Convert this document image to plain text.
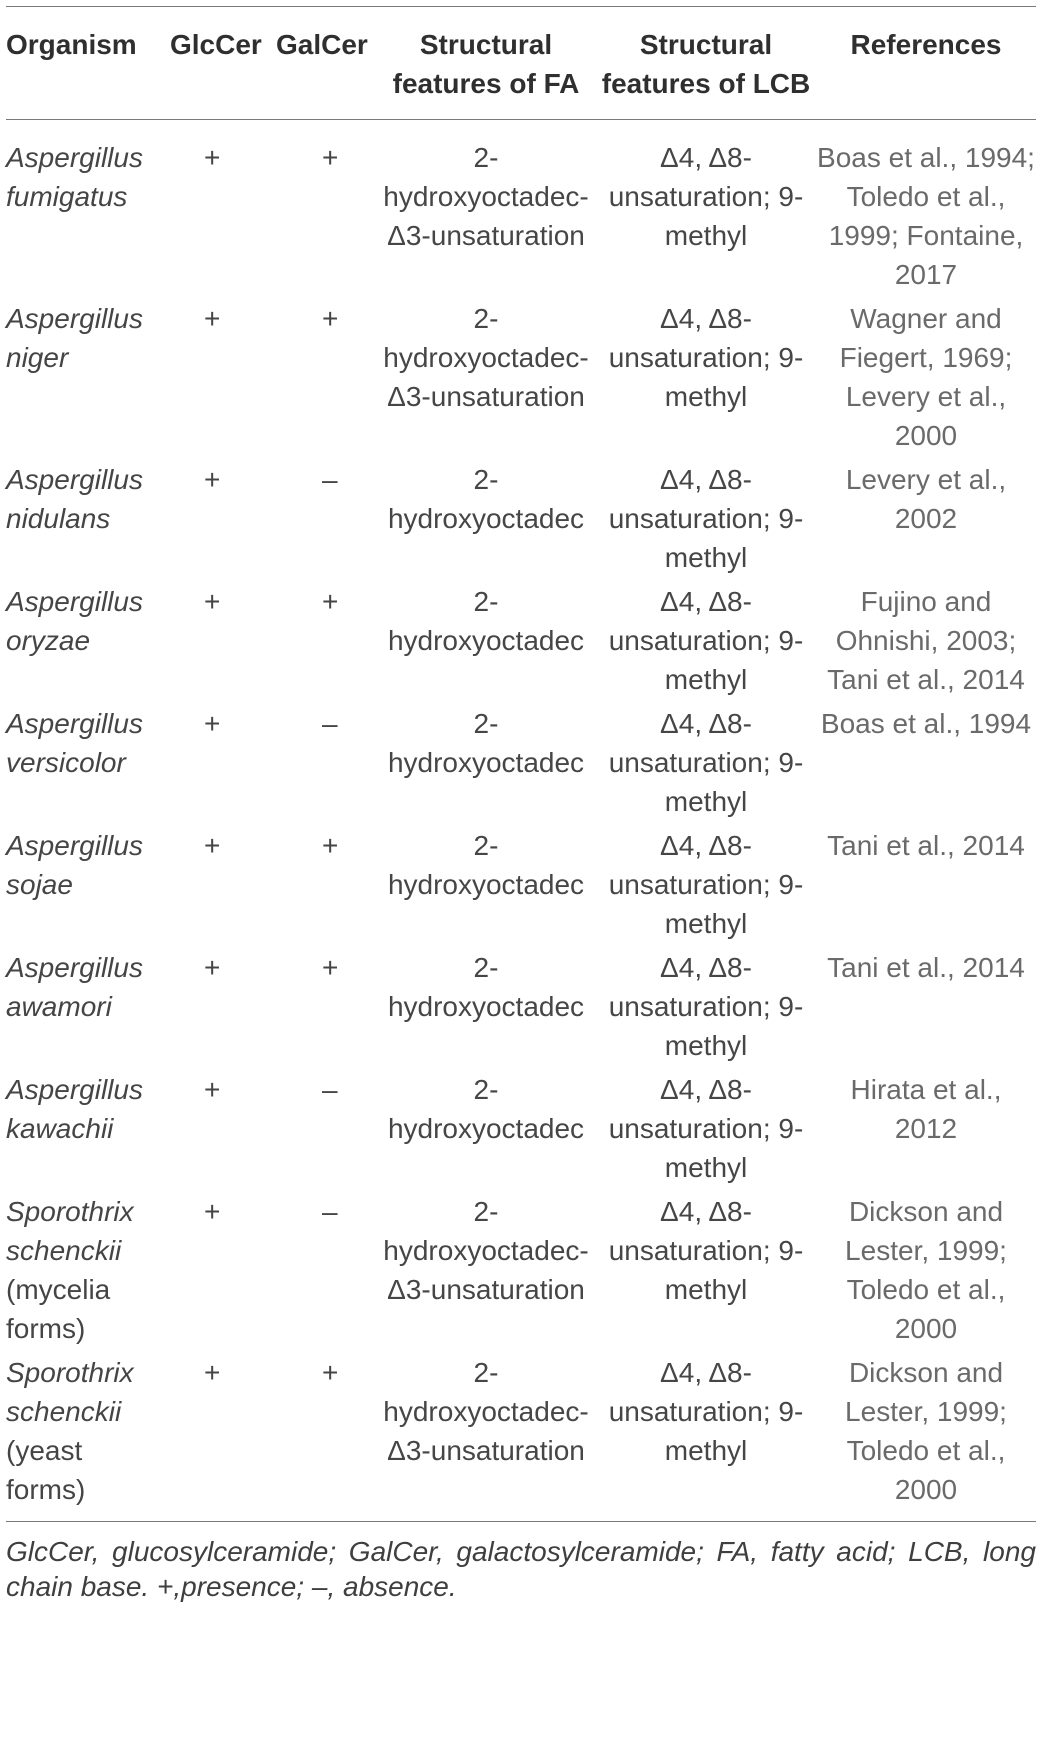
Organism	GlcCer	GalCer	Structural features of FA	Structural features of LCB	References

Aspergillus fumigatus	+	+	2-hydroxyoctadec-Δ3-unsaturation	Δ4, Δ8-unsaturation; 9-methyl	Boas et al., 1994; Toledo et al., 1999; Fontaine, 2017

Aspergillus niger	+	+	2-hydroxyoctadec-Δ3-unsaturation	Δ4, Δ8-unsaturation; 9-methyl	Wagner and Fiegert, 1969; Levery et al., 2000

Aspergillus nidulans	+	–	2-hydroxyoctadec	Δ4, Δ8-unsaturation; 9-methyl	Levery et al., 2002

Aspergillus oryzae	+	+	2-hydroxyoctadec	Δ4, Δ8-unsaturation; 9-methyl	Fujino and Ohnishi, 2003; Tani et al., 2014

Aspergillus versicolor	+	–	2-hydroxyoctadec	Δ4, Δ8-unsaturation; 9-methyl	Boas et al., 1994

Aspergillus sojae	+	+	2-hydroxyoctadec	Δ4, Δ8-unsaturation; 9-methyl	Tani et al., 2014

Aspergillus awamori	+	+	2-hydroxyoctadec	Δ4, Δ8-unsaturation; 9-methyl	Tani et al., 2014

Aspergillus kawachii	+	–	2-hydroxyoctadec	Δ4, Δ8-unsaturation; 9-methyl	Hirata et al., 2012

Sporothrix schenckii (mycelia forms)	+	–	2-hydroxyoctadec-Δ3-unsaturation	Δ4, Δ8-unsaturation; 9-methyl	Dickson and Lester, 1999; Toledo et al., 2000

Sporothrix schenckii (yeast forms)	+	+	2-hydroxyoctadec-Δ3-unsaturation	Δ4, Δ8-unsaturation; 9-methyl	Dickson and Lester, 1999; Toledo et al., 2000

GlcCer, glucosylceramide; GalCer, galactosylceramide; FA, fatty acid; LCB, long chain base. +,presence; –, absence.					
